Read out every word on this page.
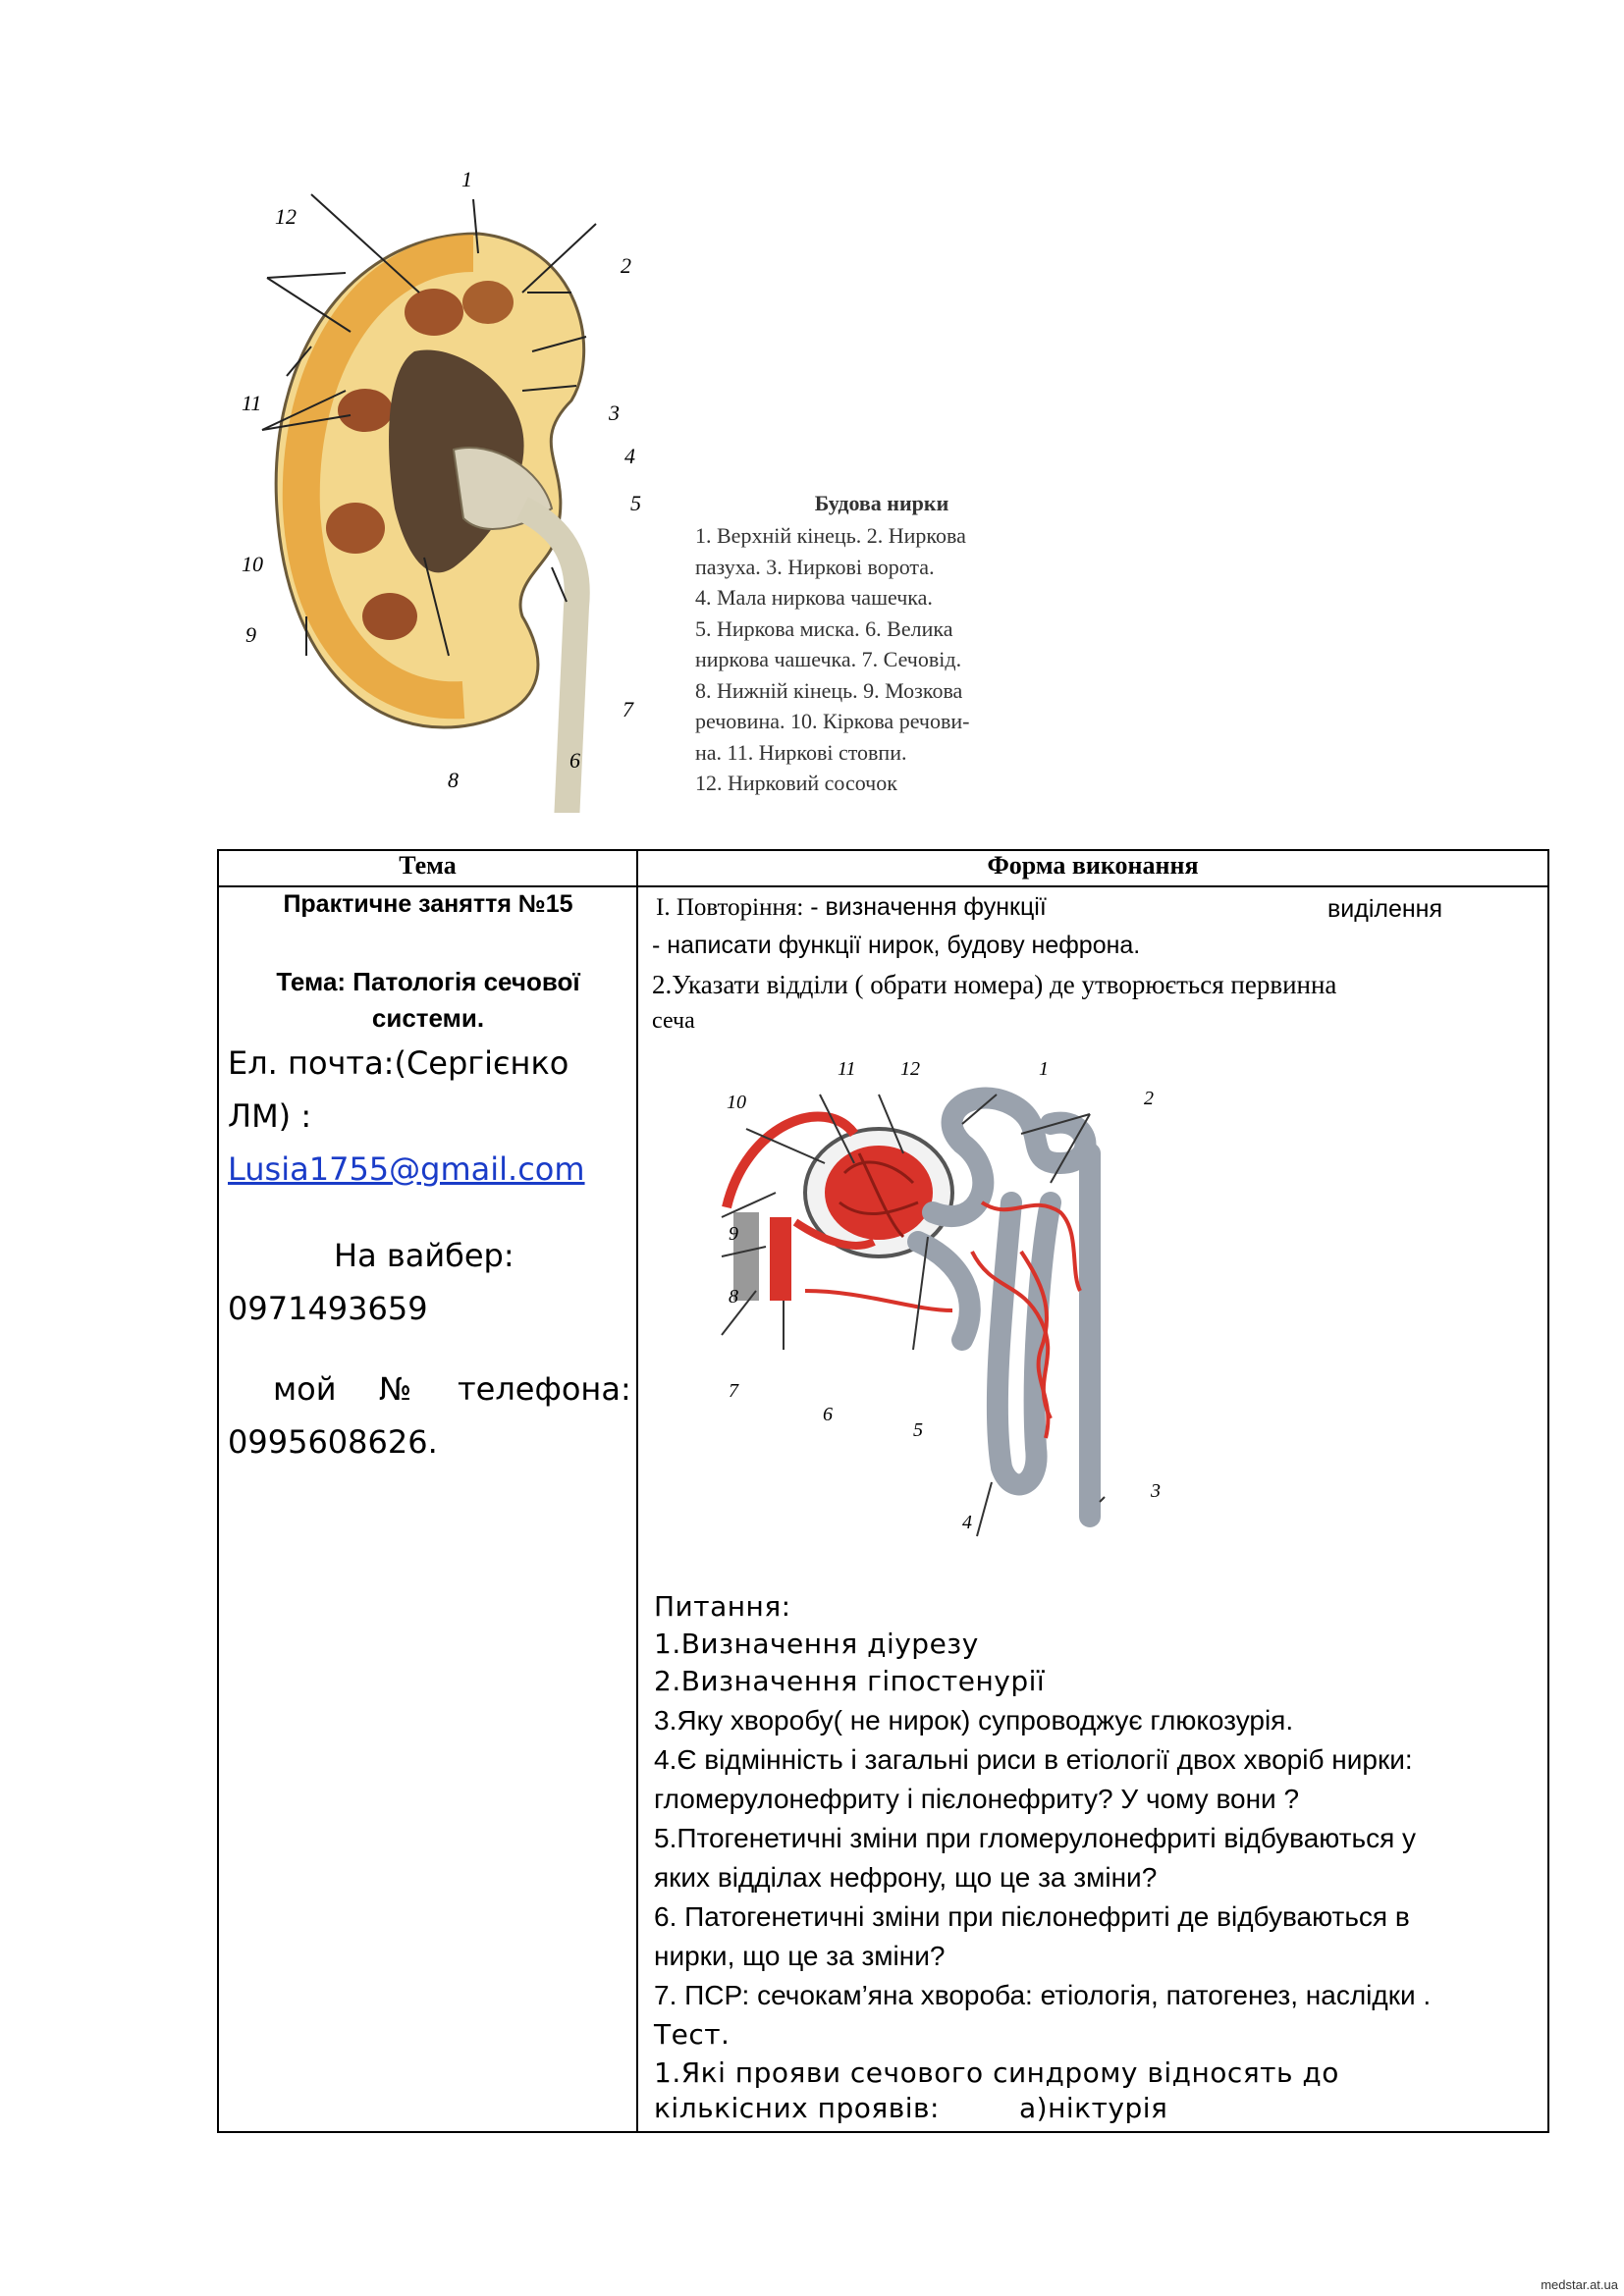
1
2
3
4
5
6
7
8
9
10
11
12
Будова нирки
1. Верхній кінець. 2. Ниркова
пазуха. 3. Ниркові ворота.
4. Мала ниркова чашечка.
5. Ниркова миска. 6. Велика
ниркова чашечка. 7. Сечовід.
8. Нижній кінець. 9. Мозкова
речовина. 10. Кіркова речови-
на. 11. Ниркові стовпи.
12. Нирковий сосочок
Тема	Форма виконання
Практичне заняття №15
Тема: Патологія сечової системи.
Ел. почта:(Сергієнко
ЛМ) :
Lusia1755@gmail.com
На вайбер:
0971493659
мой № телефона:
0995608626.
I. Повторіння: - визначення функції	виділення
- написати функції нирок, будову нефрона.
2.Указати відділи ( обрати номера) де утворюється первинна
сеча
11 12	1
2
10
9
8
7
6
5
4
3
Питання:
1.Визначення діурезу
2.Визначення гіпостенурії
3.Яку хворобу( не нирок) супроводжує глюкозурія.
4.Є відмінність і загальні риси в етіології двох хворіб нирки:
гломерулонефриту і пієлонефриту? У чому вони ?
5.Птогенетичні зміни при гломерулонефриті відбуваються у
яких відділах нефрону, що це за зміни?
6. Патогенетичні зміни при пієлонефриті де відбуваються в
нирки, що це за зміни?
7. ПСР: сечокам’яна хвороба: етіологія, патогенез, наслідки .
Тест.
1.Які прояви сечового синдрому відносять до
кількісних проявів:	а)ніктурія
medstar.at.ua
